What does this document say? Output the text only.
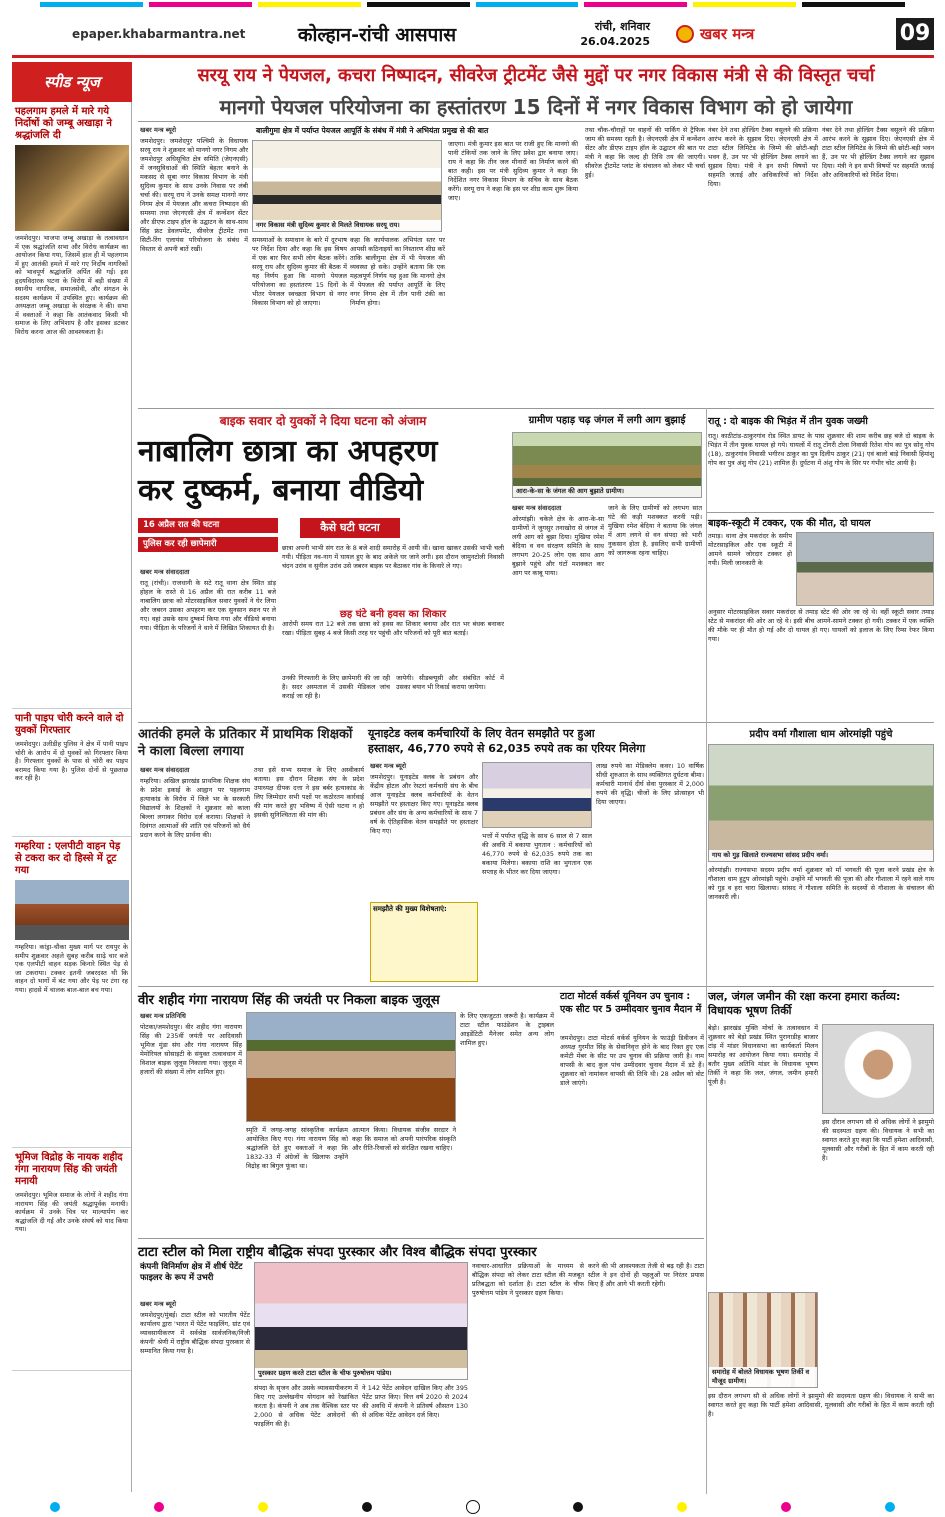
epaper.khabarmantra.net	कोल्हान-रांची आसपास	रांची, शनिवार
26.04.2025	खबर मन्त्र	09
स्पीड न्यूज
पहलगाम हमले में मारे गये निर्दोषों को जम्बू अखाड़ा ने श्रद्धांजलि दी

जमशेदपुर। भाजपा जम्बू अखाड़ा के तत्वावधान में एक श्रद्धांजलि सभा और विरोध कार्यक्रम का आयोजन किया गया, जिसमें हाल ही में पहलगाम में हुए आतंकी हमले में मारे गए निर्दोष नागरिकों को भावपूर्ण श्रद्धांजलि अर्पित की गई। इस हृदयविदारक घटना के विरोध में बड़ी संख्या में स्थानीय नागरिक, समाजसेवी, और संगठन के सदस्य कार्यक्रम में उपस्थित हुए। कार्यक्रम की अध्यक्षता जम्बू अखाड़ा के संरक्षक ने की। सभा में वक्ताओं ने कहा कि आतंकवाद किसी भी समाज के लिए अभिशाप है और इसका डटकर विरोध करना आज की आवश्यकता है।

पानी पाइप चोरी करने वाले दो युवकों गिरफ्तार

जमशेदपुर। उलीडीह पुलिस ने क्षेत्र में पानी पाइप चोरी के आरोप में दो युवकों को गिरफ्तार किया है। गिरफ्तार युवकों के पास से चोरी का पाइप बरामद किया गया है। पुलिस दोनों से पूछताछ कर रही है।

गम्हरिया : एलपीटी वाहन पेड़ से टकरा कर दो हिस्से में टूट गया

गम्हरिया। कांड्रा-चौका मुख्य मार्ग पर रायपुर के समीप शुक्रवार अहले सुबह करीब साढ़े चार बजे एक एलपीटी वाहन सड़क किनारे स्थित पेड़ से जा टकराया। टक्कर इतनी जबरदस्त थी कि वाहन दो भागों में बंट गया और पेड़ पर टंगा रह गया। हादसे में चालक बाल-बाल बच गया।

भूमिज विद्रोह के नायक शहीद गंगा नारायण सिंह की जयंती मनायी

जमशेदपुर। भूमिज समाज के लोगों ने शहीद गंगा नारायण सिंह की जयंती श्रद्धापूर्वक मनायी। कार्यक्रम में उनके चित्र पर माल्यार्पण कर श्रद्धांजलि दी गई और उनके संघर्ष को याद किया गया।

सरयू राय ने पेयजल, कचरा निष्पादन, सीवरेज ट्रीटमेंट जैसे मुद्दों पर नगर विकास मंत्री से की विस्तृत चर्चा
मानगो पेयजल परियोजना का हस्तांतरण 15 दिनों में नगर विकास विभाग को हो जायेगा
खबर मन्त्र ब्यूरो
जमशेदपुर। जमशेदपुर पश्चिमी के विधायक सरयू राय ने शुक्रवार को मानगो नगर निगम और जमशेदपुर अधिसूचित क्षेत्र समिति (जेएनएसी) में जनसुविधाओं की स्थिति बेहतर बनाने के मकसद से सूबा नगर विकास विभाग के मंत्री सुदिव्य कुमार के साथ उनके निवास पर लंबी चर्चा की। सरयू राय ने उनके समक्ष मानगो नगर निगम क्षेत्र में पेयजल और कचरा निष्पादन की समस्या तथा जेएनएसी क्षेत्र में कन्वेंशन सेंटर और डीएफ टाइप हॉल के उद्घाटन के साथ-साथ सिंह फ्रंट डेवलपमेंट, सीवरेज ट्रीटमेंट तथा सिटी-रिंग एलायंस परियोजना के संबंध में विस्तार से अपनी बातें रखीं।
बालीगुमा क्षेत्र में पर्याप्त पेयजल आपूर्ति के संबंध में मंत्री ने अभियंता प्रमुख से की बात
नगर विकास मंत्री सुदिव्य कुमार से मिलते विधायक सरयू राय।
समस्याओं के समाधान के बारे में दूरभाष पर निर्देश दिया और कहा कि इस विषय में एक बार फिर सभी लोग बैठक करेंगे। सरयू राय और सुदिव्य कुमार की बैठक में यह निर्णय हुआ कि मानगो पेयजल परियोजना का हस्तांतरण 15 दिनों के भीतर पेयजल स्वच्छता विभाग से नगर विकास विभाग को हो जाएगा।
कहा कि कार्यपालक अभियंता स्तर पर आपसी कठिनाइयों का निस्तारण शीघ्र करें ताकि बालीगुमा क्षेत्र में भी पेयजल की व्यवस्था हो सके। उन्होंने बताया कि एक महत्वपूर्ण निर्णय यह हुआ कि मानगो क्षेत्र में पेयजल की पर्याप्त आपूर्ति के लिए नगर निगम क्षेत्र में तीन पानी टंकी का निर्माण होगा।
जाएगा। मंत्री कुमार इस बात पर राजी हुए कि मानगो की पानी टंकियों तक जाने के लिए प्रवेश द्वार बनाया जाए। राय ने कहा कि तीन जल मीनारों का निर्माण करने की बात कही। इस पर मंत्री सुदिव्य कुमार ने कहा कि निर्देशित नगर विकास विभाग के सचिव के साथ बैठक करेंगे। सरयू राय ने कहा कि इस पर शीघ्र काम शुरू किया जाए।
तथा चौक-चौराहों पर वाहनों की पार्किंग से ट्रैफिक जाम की समस्या रहती है। जेएनएसी क्षेत्र में कन्वेंशन सेंटर और डीएफ टाइप हॉल के उद्घाटन की बात पर मंत्री ने कहा कि जल्द ही तिथि तय की जाएगी। सीवरेज ट्रीटमेंट प्लांट के संचालन को लेकर भी चर्चा हुई।
नंबर देने तथा होल्डिंग टैक्स वसूलने की प्रक्रिया आरंभ करने के सुझाव दिए। जेएनएसी क्षेत्र में टाटा स्टील लिमिटेड के जिम्मे की छोटी-बड़ी भवन हैं, उन पर भी होल्डिंग टैक्स लगाने का सुझाव दिया। मंत्री ने इन सभी विषयों पर सहमति जताई और अधिकारियों को निर्देश दिया।
नंबर देने तथा होल्डिंग टैक्स वसूलने की प्रक्रिया आरंभ करने के सुझाव दिए। जेएनएसी क्षेत्र में टाटा स्टील लिमिटेड के जिम्मे की छोटी-बड़ी भवन हैं, उन पर भी होल्डिंग टैक्स लगाने का सुझाव दिया। मंत्री ने इन सभी विषयों पर सहमति जताई और अधिकारियों को निर्देश दिया।
बाइक सवार दो युवकों ने दिया घटना को अंजाम
नाबालिग छात्रा का अपहरण
कर दुष्कर्म, बनाया वीडियो
16 अप्रैल रात की घटना
पुलिस कर रही छापेमारी
कैसे घटी घटना
खबर मन्त्र संवाददाता
रातू (रांची)। राजधानी के सटे रातू थाना क्षेत्र स्थित डांड़ होहल के रास्ते से 16 अप्रैल की रात करीब 11 बजे नाबालिग छात्रा को मोटरसाइकिल सवार युवकों ने घेर लिया और जबरन उसका अपहरण कर एक सुनसान स्थान पर ले गए। वहां उसके साथ दुष्कर्म किया गया और वीडियो बनाया गया। पीड़िता के परिजनों ने थाने में लिखित शिकायत दी है।
छात्रा अपनी भाभी संग रात के 8 बजे शादी समारोह में आयी थी। खाना खाकर उसकी भाभी चली गयी। पीड़िता नव-नाग में घायल हुए के बाद अकेले घर जाने लगी। इस दौरान जामुनटोली निवासी चंदन उरांव व सुनील उरांव उसे जबरन बाइक पर बैठाकर गांव के किनारे ले गए।
छह घंटे बनी हवस का शिकार
आरोपी समय रात 12 बजे तक छात्रा को हवस का शिकार बनाया और रात भर बंधक बनाकर रखा। पीड़िता सुबह 4 बजे किसी तरह घर पहुंची और परिजनों को पूरी बात बताई।
उनकी गिरफ्तारी के लिए छापेमारी की जा रही है। सदर अस्पताल में उसकी मेडिकल जांच कराई जा रही है।
जायेगी। सीडब्ल्यूसी और संबंधित कोर्ट में उसका बयान भी रिकार्ड कराया जायेगा।
ग्रामीण पहाड़ चढ़ जंगल में लगी आग बुझाई
आरा-के-सा के जंगल की आग बुझाते ग्रामीण।
खबर मन्त्र संवाददाता
ओरमांझी। चकेले क्षेत्र के आरा-के-सा ग्रामीणों ने जुगसुर तनाखोरा से जंगल में लगी आग को बुझा दिया। मुखिया रमेश बेदिया व वन संरक्षण समिति के साथ लगभग 20-25 लोग एक साथ आग बुझाने पहुंचे और घंटों मशक्कत कर आग पर काबू पाया।
जाने के लिए ग्रामीणों को लगभग सात घंटे की कड़ी मशक्कत करनी पड़ी। मुखिया रमेश बेदिया ने बताया कि जंगल में आग लगने से वन संपदा को भारी नुकसान होता है, इसलिए सभी ग्रामीणों को जागरूक रहना चाहिए।
रातू : दो बाइक की भिड़ंत में तीन युवक जख्मी
रातू। काठीटांड-ठाकुरगांव रोड स्थित डायट के पास शुक्रवार की शाम करीब छह बजे दो बाइक के भिड़ंत में तीन युवक घायल हो गये। घायलों में रातू टोंगरी टोला निवासी रितेश गोप का पुत्र सोनू गोप (18), ठाकुरगांव निवासी भगीरथ ठाकुर का पुत्र दिलीप ठाकुर (21) एवं बालो बाड़े निवासी हिमांशु गोप का पुत्र अंशु गोप (21) शामिल हैं। दुर्घटना में अंशु गोप के सिर पर गंभीर चोट आयी है।
बाइक-स्कूटी में टक्कर, एक की मौत, दो घायल
तमाड़। थाना क्षेत्र मकरांदर के समीप मोटरसाइकिल और एक स्कूटी में आमने सामने जोरदार टक्कर हो गयी। मिली जानकारी के
अनुसार मोटरसाइकिल सवार मकरांदर से तमाड़ स्टेट की ओर जा रहे थे। वहीं स्कूटी सवार तमाड़ स्टेट से मकरांदर की ओर आ रहे थे। इसी बीच आमने-सामने टक्कर हो गयी। टक्कर में एक व्यक्ति की मौके पर ही मौत हो गई और दो घायल हो गए। घायलों को इलाज के लिए रिम्स रेफर किया गया।
आतंकी हमले के प्रतिकार में प्राथमिक शिक्षकों ने काला बिल्ला लगाया
खबर मन्त्र संवाददाता
गम्हरिया। अखिल झारखंड प्राथमिक शिक्षक संघ के प्रदेश इकाई के आह्वान पर पहलगाम हत्याकांड के विरोध में जिले भर के सरकारी विद्यालयों के शिक्षकों ने शुक्रवार को काला बिल्ला लगाकर विरोध दर्ज कराया। शिक्षकों ने दिवंगत आत्माओं की शांति एवं परिजनों को धैर्य प्रदान करने के लिए प्रार्थना की।
तथा इसे सभ्य समाज के लिए अस्वीकार्य बताया। इस दौरान शिक्षक संघ के प्रदेश उपाध्यक्ष दीपक दत्ता ने इस बर्बर हत्याकांड के लिए जिम्मेदार सभी पक्षों पर कठोरतम कार्रवाई की मांग करते हुए भविष्य में ऐसी घटना न हो इसकी सुनिश्चितता की मांग की।
यूनाइटेड क्लब कर्मचारियों के लिए वेतन समझौते पर हुआ
हस्ताक्षर, 46,770 रुपये से 62,035 रुपये तक का एरियर मिलेगा
खबर मन्त्र ब्यूरो
जमशेदपुर। यूनाइटेड क्लब के प्रबंधन और केंद्रीय होटल और रेस्टरां कर्मचारी संघ के बीच आज यूनाइटेड क्लब कर्मचारियों के वेतन समझौते पर हस्ताक्षर किए गए। यूनाइटेड क्लब प्रबंधन और संघ के अन्य कर्मचारियों के साथ 7 वर्ष के ऐतिहासिक वेतन समझौते पर हस्ताक्षर किए गए।
भत्तों में पर्याप्त वृद्धि के साथ 6 साल से 7 साल की अवधि में बकाया भुगतान : कर्मचारियों को 46,770 रुपये से 62,035 रुपये तक का बकाया मिलेगा। बकाया राशि का भुगतान एक सप्ताह के भीतर कर दिया जाएगा।
समझौते की मुख्य विशेषताएं:
लाख रुपये का मेडिक्लेम कवर। 10 वार्षिक सीधी शुरुआत के साथ व्यक्तिगत दुर्घटना बीमा। कर्मचारी मानार्थ दीर्घ सेवा पुरस्कार में 2,000 रुपये की वृद्धि। चीजों के लिए प्रोत्साहन भी दिया जाएगा।
प्रदीप वर्मा गौशाला धाम ओरमांझी पहुंचे
गाय को गुड़ खिलाते राज्यसभा सांसद प्रदीप वर्मा।
ओरमांझी। राज्यसभा सदस्य प्रदीप वर्मा शुक्रवार को माँ भगवती की पूजा करने प्रखंड क्षेत्र के गौशाला धाम हुटुप ओरमांझी पहुंचे। उन्होंने माँ भगवती की पूजा की और गौशाला में रहने वाले गाय को गुड़ व हरा चारा खिलाया। सांसद ने गौशाला समिति के सदस्यों से गौशाला के संचालन की जानकारी ली।
वीर शहीद गंगा नारायण सिंह की जयंती पर निकला बाइक जुलूस
खबर मन्त्र प्रतिनिधि
पोटका/जमशेदपुर। वीर शहीद गंगा नारायण सिंह की 235वीं जयंती पर आदिवासी भूमिज मुंडा संघ और गंगा नारायण सिंह मेमोरियल सोसाइटी के संयुक्त तत्वावधान में विशाल बाइक जुलूस निकाला गया। जुलूस में हजारों की संख्या में लोग शामिल हुए।
स्मृति में जगह-जगह सांस्कृतिक कार्यक्रम आयोजित किए गए। गंगा नारायण सिंह को श्रद्धांजलि देते हुए वक्ताओं ने कहा कि 1832-33 में अंग्रेजों के खिलाफ उन्होंने विद्रोह का बिगुल फूंका था।
आत्मान किया। विधायक संजीव सरदार ने कहा कि समाज को अपनी पारंपरिक संस्कृति और रीति-रिवाजों को संरक्षित रखना चाहिए।
के लिए एकजुटता जरूरी है। कार्यक्रम में टाटा स्टील फाउंडेशन के ट्राइबल आइडेंटिटी मैनेजर समेत अन्य लोग शामिल हुए।
टाटा मोटर्स वर्कर्स यूनियन उप चुनाव : एक सीट पर 5 उम्मीदवार चुनाव मैदान में
जमशेदपुर। टाटा मोटर्स वर्कर्स यूनियन के फाउंड्री डिवीजन में अध्यक्ष गुरमीत सिंह के सेवानिवृत्त होने के बाद रिक्त हुए एक कमेटी मेंबर के सीट पर उप चुनाव की प्रक्रिया जारी है। नाम वापसी के बाद कुल पांच उम्मीदवार चुनाव मैदान में डटे हैं। शुक्रवार को नामांकन वापसी की तिथि थी। 28 अप्रैल को वोट डाले जाएंगे।
जल, जंगल जमीन की रक्षा करना हमारा कर्तव्य: विधायक भूषण तिर्की
बेड़ो। झारखंड मुक्ति मोर्चा के तत्वावधान में शुक्रवार को बेड़ो प्रखंड स्थित पुरानाडीह बाजार टांड़ में मांडर विधानसभा का कार्यकर्ता मिलन समारोह का आयोजन किया गया। समारोह में बतौर मुख्य अतिथि मांडर के विधायक भूषण तिर्की ने कहा कि जल, जंगल, जमीन हमारी पूंजी है।
इस दौरान लगभग सौ से अधिक लोगों ने झामुमो की सदस्यता ग्रहण की। विधायक ने सभी का स्वागत करते हुए कहा कि पार्टी हमेशा आदिवासी, मूलवासी और गरीबों के हित में काम करती रही है।
समारोह में बोलते विधायक भूषण तिर्की व मौजूद ग्रामीण।
इस दौरान लगभग सौ से अधिक लोगों ने झामुमो की सदस्यता ग्रहण की। विधायक ने सभी का स्वागत करते हुए कहा कि पार्टी हमेशा आदिवासी, मूलवासी और गरीबों के हित में काम करती रही है।
टाटा स्टील को मिला राष्ट्रीय बौद्धिक संपदा पुरस्कार और विश्व बौद्धिक संपदा पुरस्कार
कंपनी विनिर्माण क्षेत्र में शीर्ष पेटेंट फाइलर के रूप में उभरी
खबर मन्त्र ब्यूरो
जमशेदपुर/मुंबई। टाटा स्टील को भारतीय पेटेंट कार्यालय द्वारा 'भारत में पेटेंट फाइलिंग, ग्रांट एवं व्यावसायीकरण में सर्वश्रेष्ठ सार्वजनिक/निजी कंपनी' श्रेणी में राष्ट्रीय बौद्धिक संपदा पुरस्कार से सम्मानित किया गया है।
पुरस्कार ग्रहण करते टाटा स्टील के चीफ पुरुषोत्तम पांडेय।
संपदा के सृजन और उसके व्यावसायीकरण में किए गए उल्लेखनीय योगदान को रेखांकित करता है। कंपनी ने अब तक वैश्विक स्तर पर 2,000 से अधिक पेटेंट आवेदनों की फाइलिंग की है।
ने 142 पेटेंट आवेदन दाखिल किए और 395 पेटेंट प्राप्त किए। वित्त वर्ष 2020 से 2024 की अवधि में कंपनी ने प्रतिवर्ष औसतन 130 से अधिक पेटेंट आवेदन दर्ज किए।
नवाचार-आधारित प्रक्रियाओं के माध्यम से बौद्धिक संपदा को लेकर टाटा स्टील की मजबूत प्रतिबद्धता को दर्शाता है। टाटा स्टील के चीफ पुरुषोत्तम पांडेय ने पुरस्कार ग्रहण किया।
करने की भी आवश्यकता तेजी से बढ़ रही है। टाटा स्टील ने इन दोनों ही पहलुओं पर निरंतर प्रयास किए हैं और आगे भी करती रहेगी।
